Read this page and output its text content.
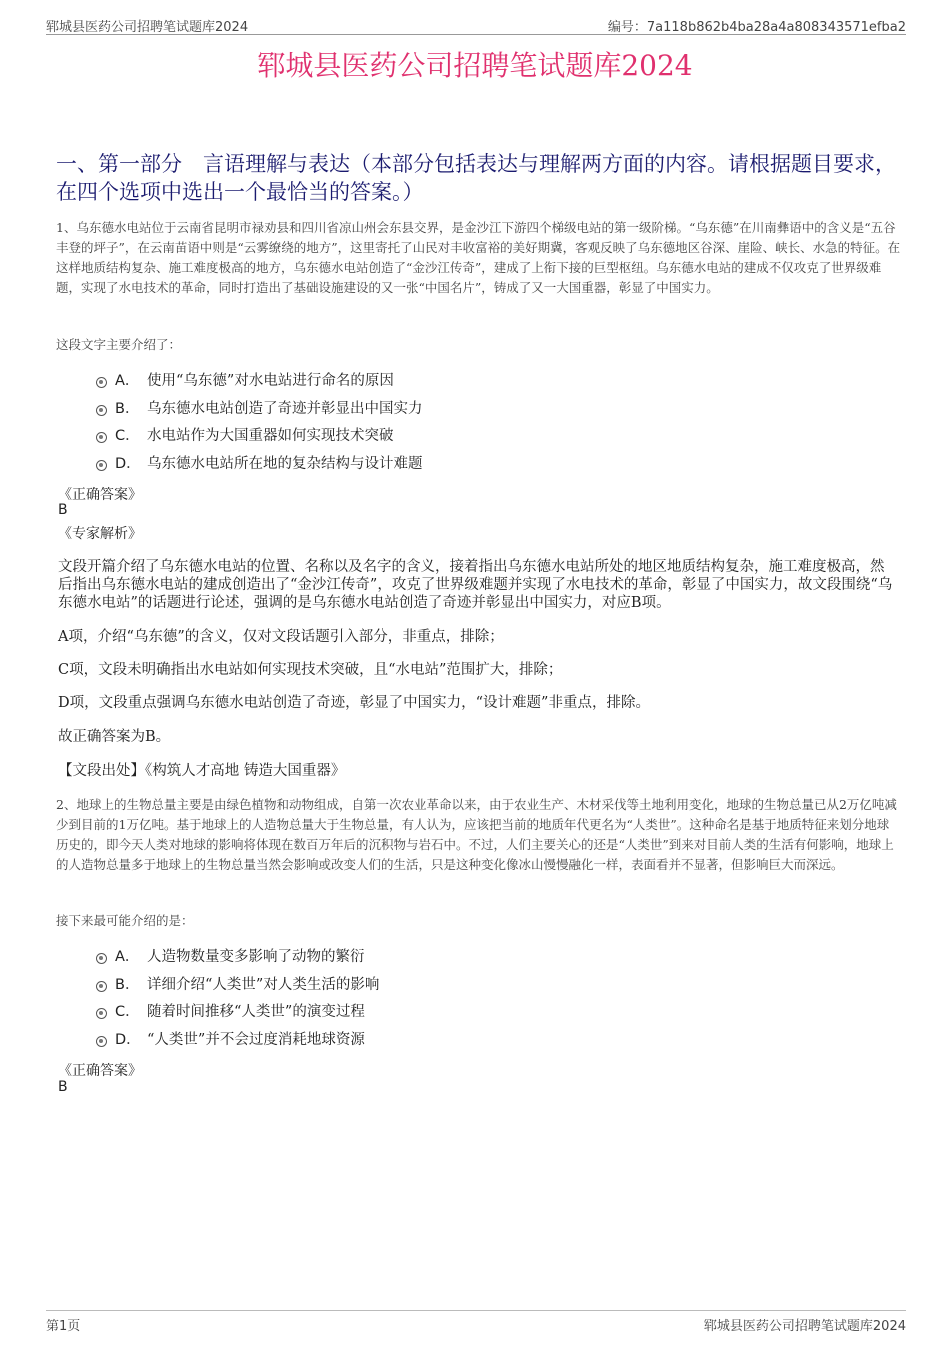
郓城县医药公司招聘笔试题库2024	编号：7a118b862b4ba28a4a808343571efba2
郓城县医药公司招聘笔试题库2024
一、第一部分　言语理解与表达（本部分包括表达与理解两方面的内容。请根据题目要求，在四个选项中选出一个最恰当的答案。）
1、乌东德水电站位于云南省昆明市禄劝县和四川省凉山州会东县交界，是金沙江下游四个梯级电站的第一级阶梯。“乌东德”在川南彝语中的含义是“五谷丰登的坪子”，在云南苗语中则是“云雾缭绕的地方”，这里寄托了山民对丰收富裕的美好期冀，客观反映了乌东德地区谷深、崖险、峡长、水急的特征。在这样地质结构复杂、施工难度极高的地方，乌东德水电站创造了“金沙江传奇”，建成了上衔下接的巨型枢纽。乌东德水电站的建成不仅攻克了世界级难题，实现了水电技术的革命，同时打造出了基础设施建设的又一张“中国名片”，铸成了又一大国重器，彰显了中国实力。
这段文字主要介绍了：
A． 使用“乌东德”对水电站进行命名的原因
B． 乌东德水电站创造了奇迹并彰显出中国实力
C． 水电站作为大国重器如何实现技术突破
D． 乌东德水电站所在地的复杂结构与设计难题
《正确答案》
B
《专家解析》
文段开篇介绍了乌东德水电站的位置、名称以及名字的含义，接着指出乌东德水电站所处的地区地质结构复杂，施工难度极高，然后指出乌东德水电站的建成创造出了“金沙江传奇”，攻克了世界级难题并实现了水电技术的革命，彰显了中国实力，故文段围绕“乌东德水电站”的话题进行论述，强调的是乌东德水电站创造了奇迹并彰显出中国实力，对应B项。
A项，介绍“乌东德”的含义，仅对文段话题引入部分，非重点，排除；
C项，文段未明确指出水电站如何实现技术突破，且“水电站”范围扩大，排除；
D项，文段重点强调乌东德水电站创造了奇迹，彰显了中国实力，“设计难题”非重点，排除。
故正确答案为B。
【文段出处】《构筑人才高地 铸造大国重器》
2、地球上的生物总量主要是由绿色植物和动物组成，自第一次农业革命以来，由于农业生产、木材采伐等土地利用变化，地球的生物总量已从2万亿吨减少到目前的1万亿吨。基于地球上的人造物总量大于生物总量，有人认为，应该把当前的地质年代更名为“人类世”。这种命名是基于地质特征来划分地球历史的，即今天人类对地球的影响将体现在数百万年后的沉积物与岩石中。不过，人们主要关心的还是“人类世”到来对目前人类的生活有何影响，地球上的人造物总量多于地球上的生物总量当然会影响或改变人们的生活，只是这种变化像冰山慢慢融化一样，表面看并不显著，但影响巨大而深远。
接下来最可能介绍的是：
A． 人造物数量变多影响了动物的繁衍
B． 详细介绍“人类世”对人类生活的影响
C． 随着时间推移“人类世”的演变过程
D． “人类世”并不会过度消耗地球资源
《正确答案》
B
第1页	郓城县医药公司招聘笔试题库2024
